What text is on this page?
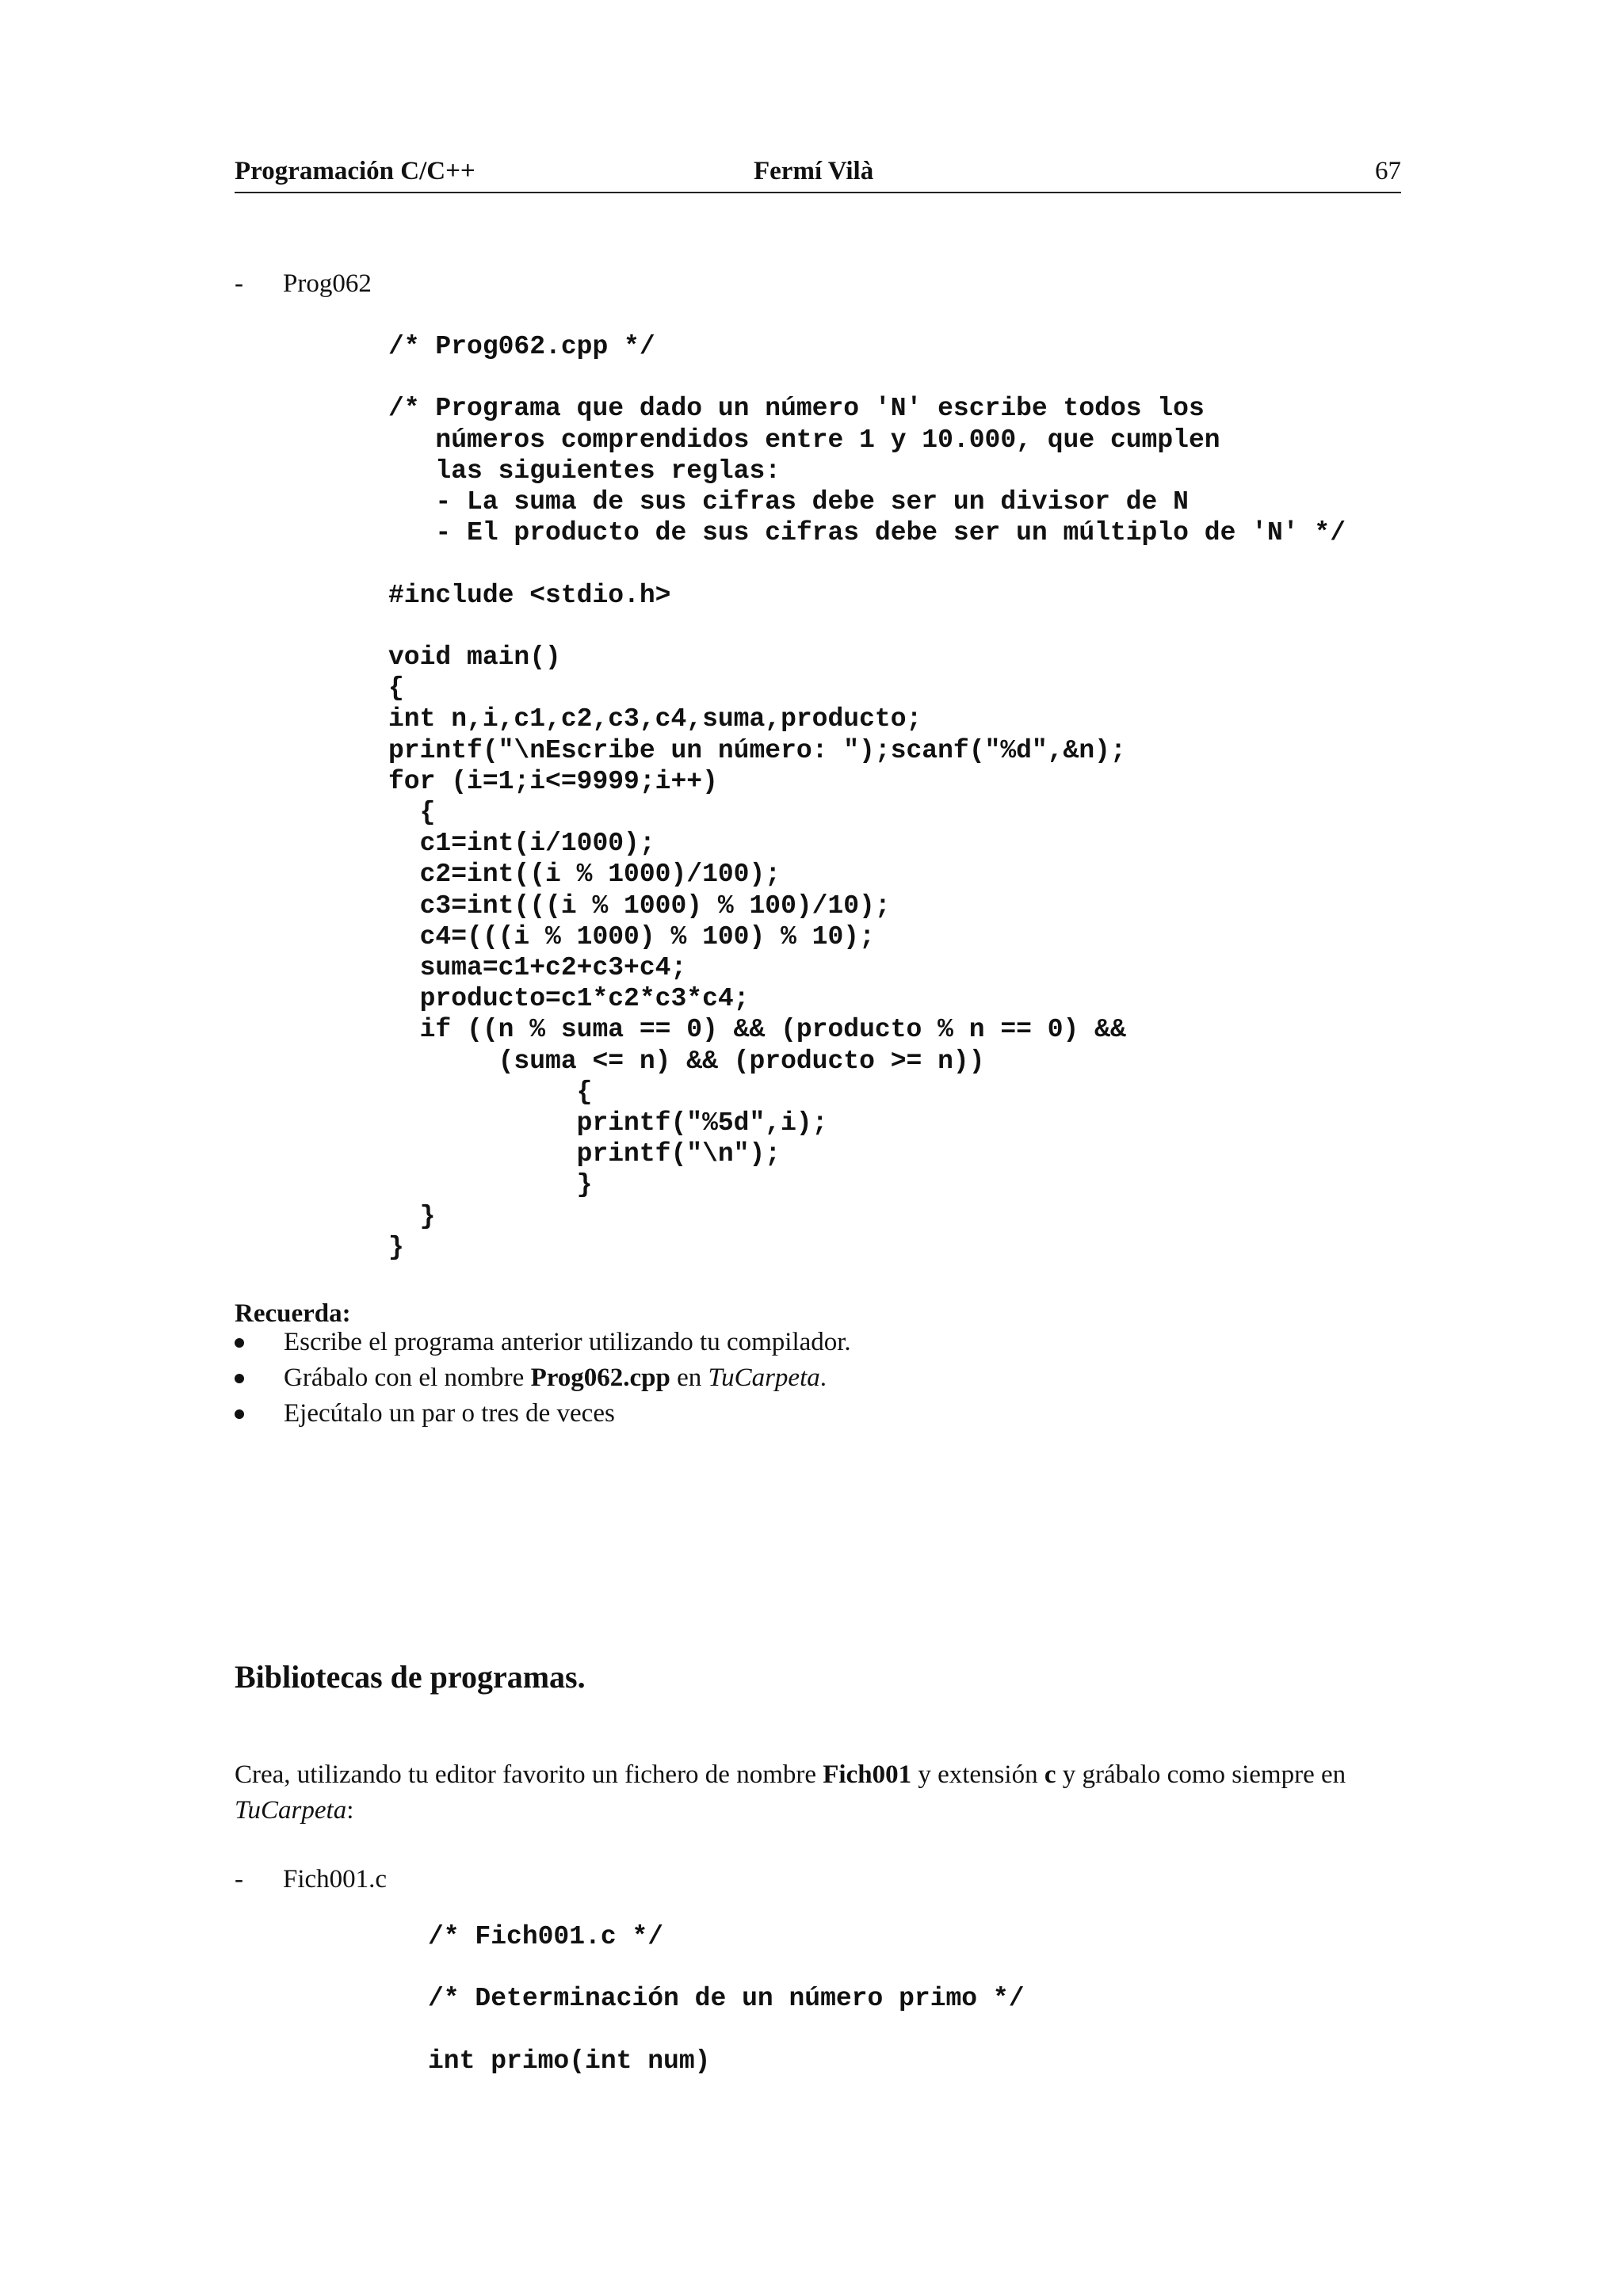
Programación C/C++	Fermí Vilà	67
- Prog062
/* Prog062.cpp */

/* Programa que dado un número 'N' escribe todos los
números comprendidos entre 1 y 10.000, que cumplen
las siguientes reglas:
- La suma de sus cifras debe ser un divisor de N
- El producto de sus cifras debe ser un múltiplo de 'N' */

#include <stdio.h>

void main()
{
int n,i,c1,c2,c3,c4,suma,producto;
printf("\nEscribe un número: ");scanf("%d",&n);
for (i=1;i<=9999;i++)
{
c1=int(i/1000);
c2=int((i % 1000)/100);
c3=int(((i % 1000) % 100)/10);
c4=(((i % 1000) % 100) % 10);
suma=c1+c2+c3+c4;
producto=c1*c2*c3*c4;
if ((n % suma == 0) && (producto % n == 0) &&
(suma <= n) && (producto >= n))
{
printf("%5d",i);
printf("\n");
}
}
}
Recuerda:
Escribe el programa anterior utilizando tu compilador.
Grábalo con el nombre Prog062.cpp en TuCarpeta.
Ejecútalo un par o tres de veces
Bibliotecas de programas.
Crea, utilizando tu editor favorito un fichero de nombre Fich001 y extensión c y grábalo como siempre en
TuCarpeta:
- Fich001.c
/* Fich001.c */

/* Determinación de un número primo */

int primo(int num)
